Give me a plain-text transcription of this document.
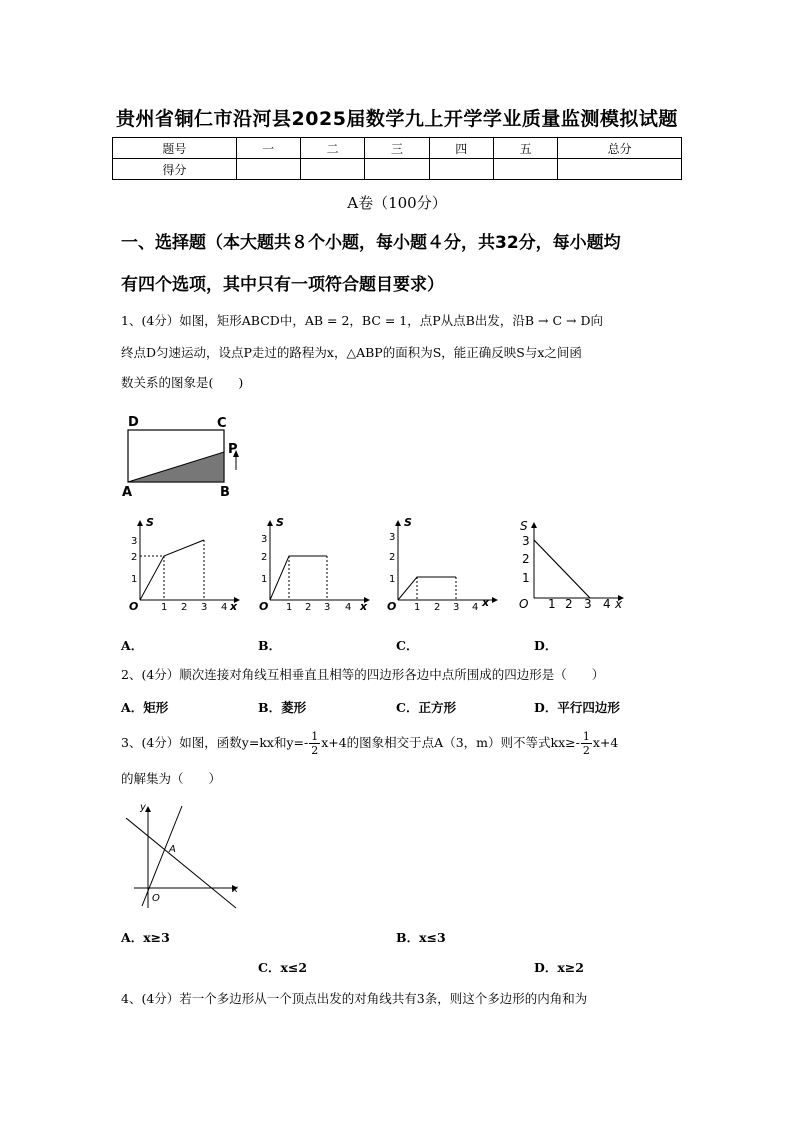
贵州省铜仁市沿河县2025届数学九上开学学业质量监测模拟试题
题号	一	二	三	四	五	总分
得分						
A卷（100分）
一、选择题（本大题共８个小题，每小题４分，共32分，每小题均
有四个选项，其中只有一项符合题目要求）
1、(4分）如图，矩形ABCD中，AB = 2，BC = 1，点P从点B出发，沿B → C → D向
终点D匀速运动，设点P走过的路程为x，△ABP的面积为S，能正确反映S与x之间函
数关系的图象是(　　)
D	C
P
A	B
S
x
O 1 2 3 4
1
2
3
S
x
O 1 2 3 4
1
2
3
S
x
O 1 2 3 4
1
2
3
S
x
O 1 2 3 4
1
2
3
A．	B．	C．	D．
2、(4分）顺次连接对角线互相垂直且相等的四边形各边中点所围成的四边形是（　　）
A．矩形	B．菱形	C．正方形	D．平行四边形
3、(4分）如图，函数y=kx和$y=- \frac{1}{2} x+4$的图象相交于点A（3，m）则不等式$kx\ge- \frac{1}{2} x+4$
的解集为（　　）
y
x
A
O
A．x≥3	B．x≤3
C．x≤2	D．x≥2
4、(4分）若一个多边形从一个顶点出发的对角线共有3条，则这个多边形的内角和为
